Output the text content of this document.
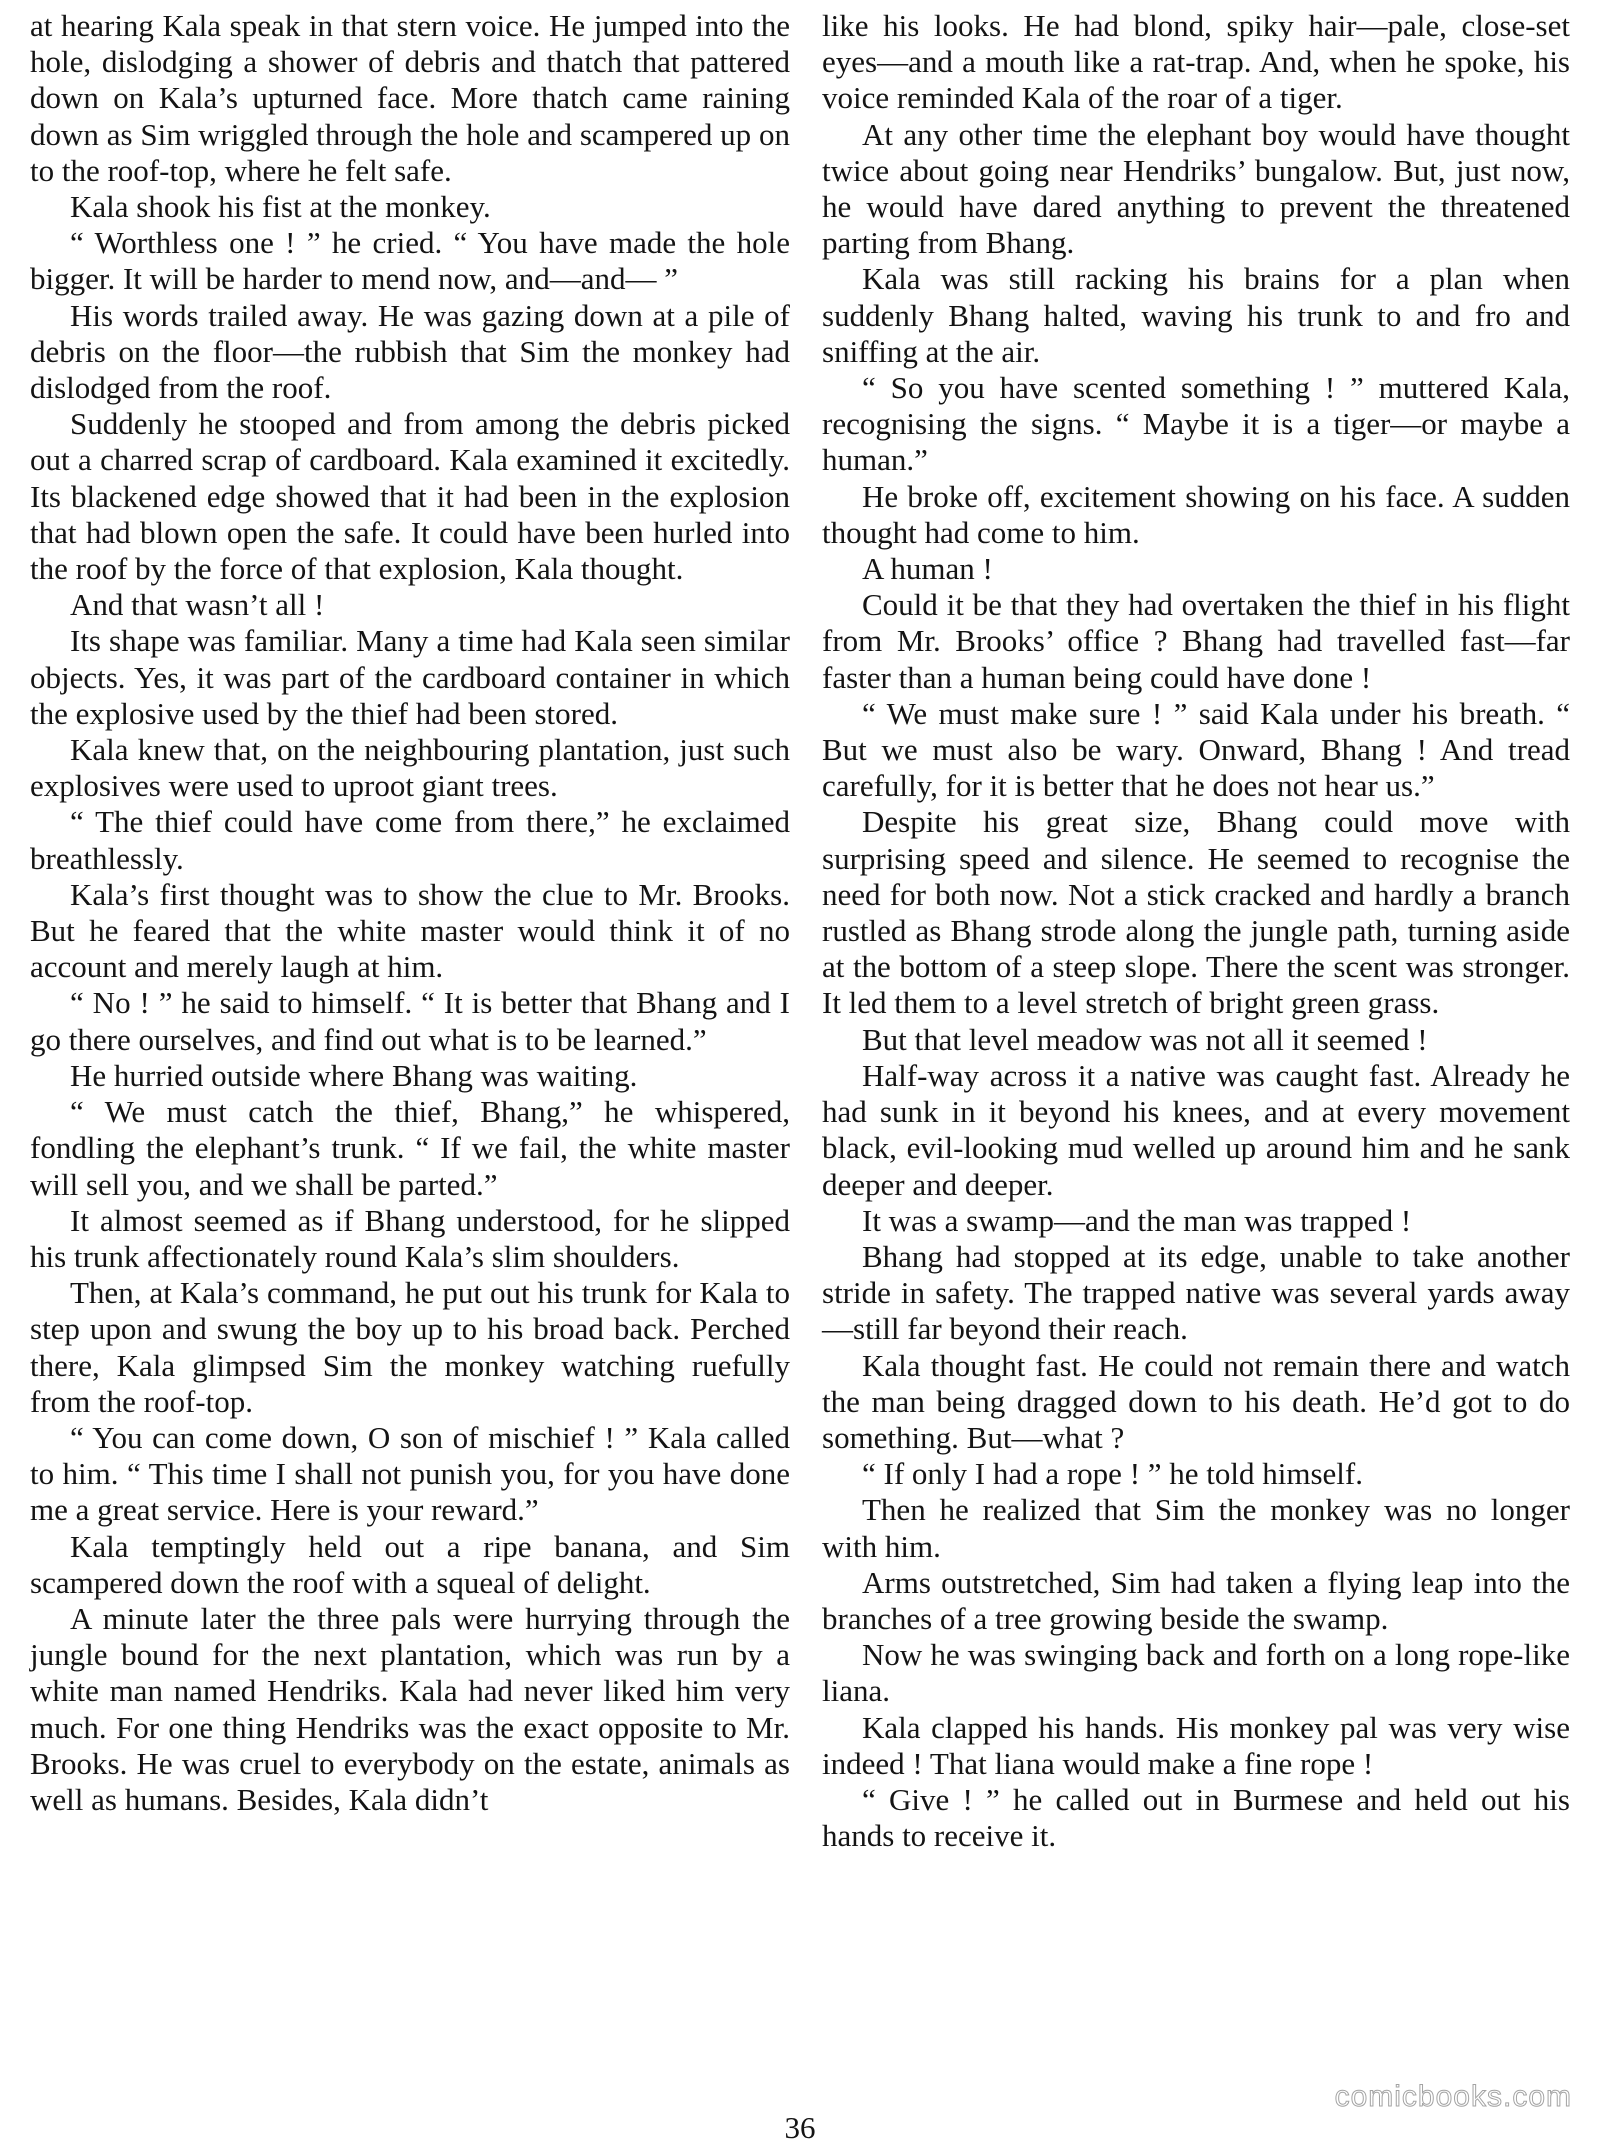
at hearing Kala speak in that stern voice. He jumped into the hole, dislodging a shower of debris and thatch that pattered down on Kala’s upturned face. More thatch came raining down as Sim wriggled through the hole and scampered up on to the roof-top, where he felt safe.

Kala shook his fist at the monkey.

“ Worthless one ! ” he cried. “ You have made the hole bigger. It will be harder to mend now, and—and— ”

His words trailed away. He was gazing down at a pile of debris on the floor—the rubbish that Sim the monkey had dislodged from the roof.

Suddenly he stooped and from among the debris picked out a charred scrap of cardboard. Kala examined it excitedly. Its blackened edge showed that it had been in the explosion that had blown open the safe. It could have been hurled into the roof by the force of that explosion, Kala thought.

And that wasn’t all !

Its shape was familiar. Many a time had Kala seen similar objects. Yes, it was part of the cardboard container in which the explosive used by the thief had been stored.

Kala knew that, on the neighbouring plantation, just such explosives were used to uproot giant trees.

“ The thief could have come from there,” he exclaimed breathlessly.

Kala’s first thought was to show the clue to Mr. Brooks. But he feared that the white master would think it of no account and merely laugh at him.

“ No ! ” he said to himself. “ It is better that Bhang and I go there ourselves, and find out what is to be learned.”

He hurried outside where Bhang was waiting.

“ We must catch the thief, Bhang,” he whispered, fondling the elephant’s trunk. “ If we fail, the white master will sell you, and we shall be parted.”

It almost seemed as if Bhang understood, for he slipped his trunk affectionately round Kala’s slim shoulders.

Then, at Kala’s command, he put out his trunk for Kala to step upon and swung the boy up to his broad back. Perched there, Kala glimpsed Sim the monkey watching ruefully from the roof-top.

“ You can come down, O son of mischief ! ” Kala called to him. “ This time I shall not punish you, for you have done me a great service. Here is your reward.”

Kala temptingly held out a ripe banana, and Sim scampered down the roof with a squeal of delight.

A minute later the three pals were hurrying through the jungle bound for the next plantation, which was run by a white man named Hendriks. Kala had never liked him very much. For one thing Hendriks was the exact opposite to Mr. Brooks. He was cruel to everybody on the estate, animals as well as humans. Besides, Kala didn’t

like his looks. He had blond, spiky hair—pale, close-set eyes—and a mouth like a rat-trap. And, when he spoke, his voice reminded Kala of the roar of a tiger.

At any other time the elephant boy would have thought twice about going near Hendriks’ bungalow. But, just now, he would have dared anything to prevent the threatened parting from Bhang.

Kala was still racking his brains for a plan when suddenly Bhang halted, waving his trunk to and fro and sniffing at the air.

“ So you have scented something ! ” muttered Kala, recognising the signs. “ Maybe it is a tiger—or maybe a human.”

He broke off, excitement showing on his face. A sudden thought had come to him.

A human !

Could it be that they had overtaken the thief in his flight from Mr. Brooks’ office ? Bhang had travelled fast—far faster than a human being could have done !

“ We must make sure ! ” said Kala under his breath. “ But we must also be wary. Onward, Bhang ! And tread carefully, for it is better that he does not hear us.”

Despite his great size, Bhang could move with surprising speed and silence. He seemed to recognise the need for both now. Not a stick cracked and hardly a branch rustled as Bhang strode along the jungle path, turning aside at the bottom of a steep slope. There the scent was stronger. It led them to a level stretch of bright green grass.

But that level meadow was not all it seemed !

Half-way across it a native was caught fast. Already he had sunk in it beyond his knees, and at every movement black, evil-looking mud welled up around him and he sank deeper and deeper.

It was a swamp—and the man was trapped !

Bhang had stopped at its edge, unable to take another stride in safety. The trapped native was several yards away—still far beyond their reach.

Kala thought fast. He could not remain there and watch the man being dragged down to his death. He’d got to do something. But—what ?

“ If only I had a rope ! ” he told himself.

Then he realized that Sim the monkey was no longer with him.

Arms outstretched, Sim had taken a flying leap into the branches of a tree growing beside the swamp.

Now he was swinging back and forth on a long rope-like liana.

Kala clapped his hands. His monkey pal was very wise indeed ! That liana would make a fine rope !

“ Give ! ” he called out in Burmese and held out his hands to receive it.

comicbooks.com
36
